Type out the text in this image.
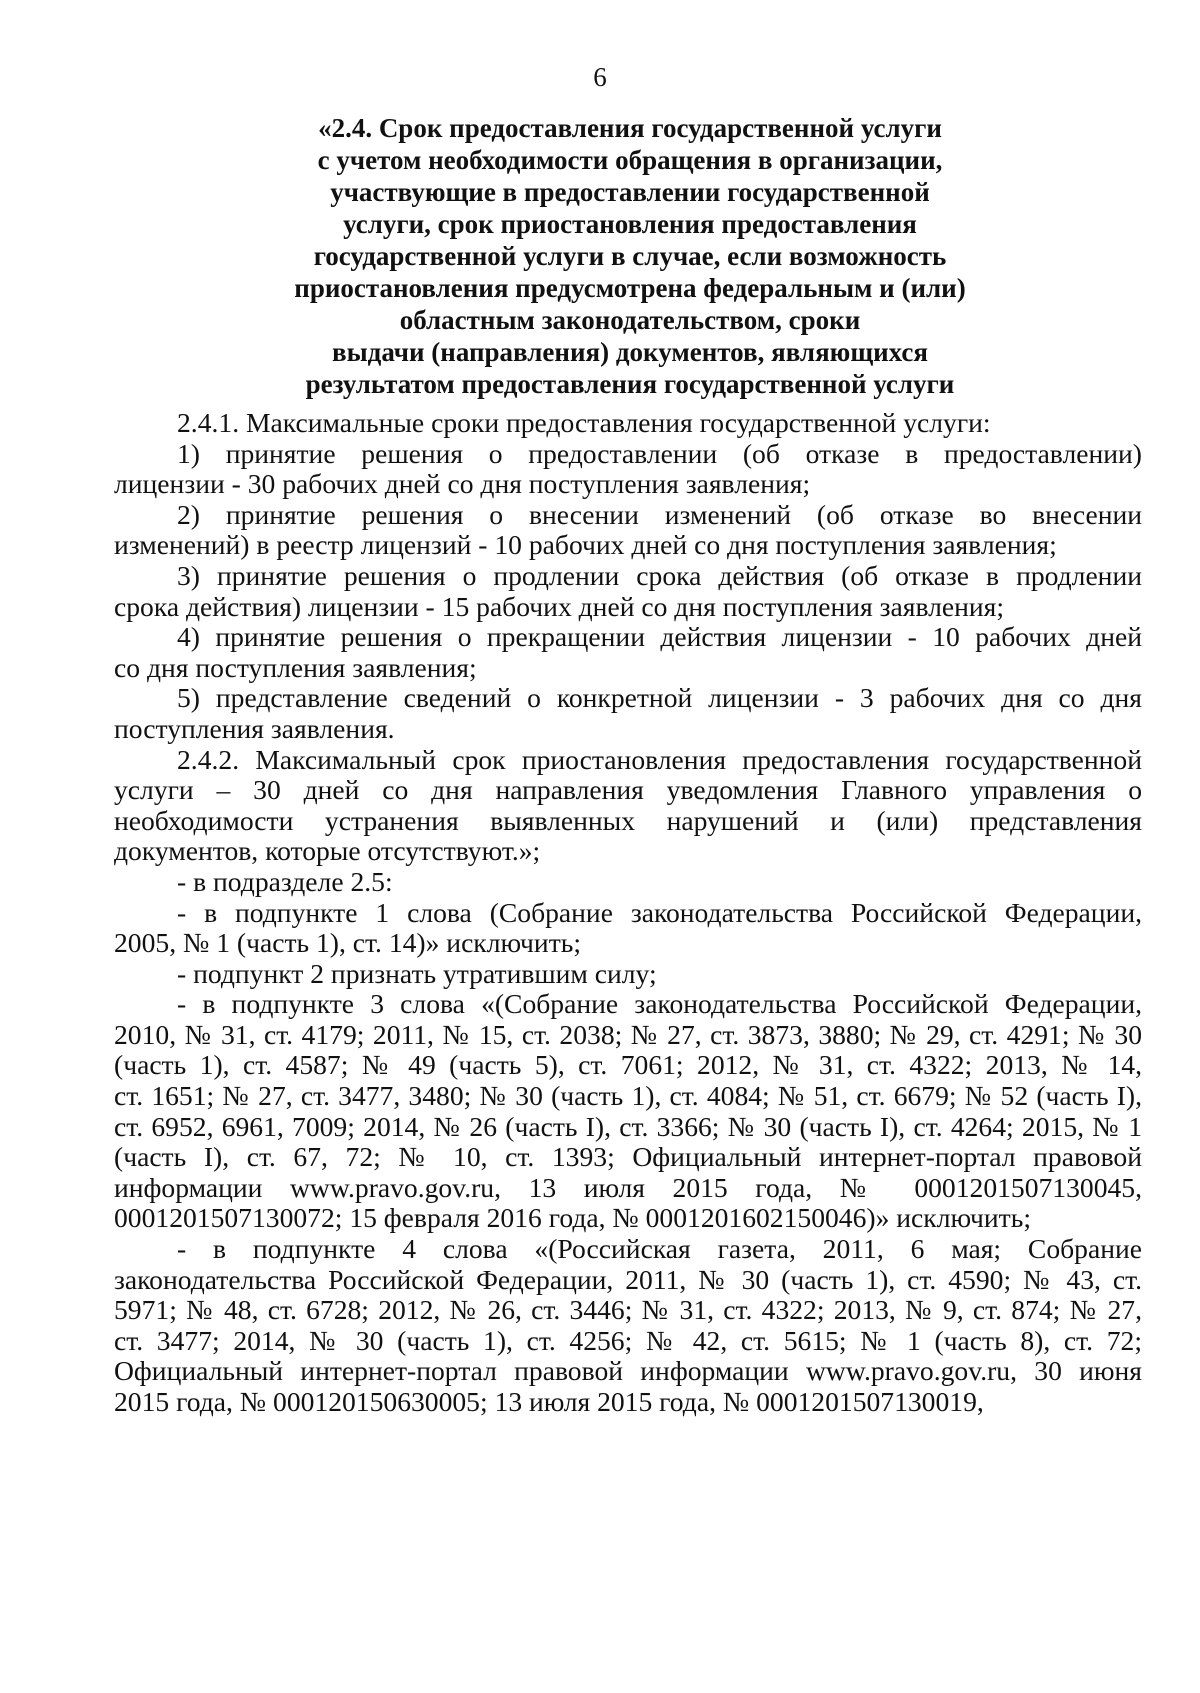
6
«2.4. Срок предоставления государственной услуги
с учетом необходимости обращения в организации,
участвующие в предоставлении государственной
услуги, срок приостановления предоставления
государственной услуги в случае, если возможность
приостановления предусмотрена федеральным и (или)
областным законодательством, сроки
выдачи (направления) документов, являющихся
результатом предоставления государственной услуги
2.4.1. Максимальные сроки предоставления государственной услуги:
1) принятие решения о предоставлении (об отказе в предоставлении)
лицензии - 30 рабочих дней со дня поступления заявления;
2) принятие решения о внесении изменений (об отказе во внесении
изменений) в реестр лицензий - 10 рабочих дней со дня поступления заявления;
3) принятие решения о продлении срока действия (об отказе в продлении
срока действия) лицензии - 15 рабочих дней со дня поступления заявления;
4) принятие решения о прекращении действия лицензии - 10 рабочих дней
со дня поступления заявления;
5) представление сведений о конкретной лицензии - 3 рабочих дня со дня
поступления заявления.
2.4.2. Максимальный срок приостановления предоставления государственной
услуги – 30 дней со дня направления уведомления Главного управления о
необходимости устранения выявленных нарушений и (или) представления
документов, которые отсутствуют.»;
- в подразделе 2.5:
- в подпункте 1 слова (Собрание законодательства Российской Федерации,
2005, № 1 (часть 1), ст. 14)» исключить;
- подпункт 2 признать утратившим силу;
- в подпункте 3 слова «(Собрание законодательства Российской Федерации,
2010, № 31, ст. 4179; 2011, № 15, ст. 2038; № 27, ст. 3873, 3880; № 29, ст. 4291; № 30
(часть 1), ст. 4587; № 49 (часть 5), ст. 7061; 2012, № 31, ст. 4322; 2013, № 14,
ст. 1651; № 27, ст. 3477, 3480; № 30 (часть 1), ст. 4084; № 51, ст. 6679; № 52 (часть I),
ст. 6952, 6961, 7009; 2014, № 26 (часть I), ст. 3366; № 30 (часть I), ст. 4264; 2015, № 1
(часть I), ст. 67, 72; № 10, ст. 1393; Официальный интернет-портал правовой
информации www.pravo.gov.ru, 13 июля 2015 года, № 0001201507130045,
0001201507130072; 15 февраля 2016 года, № 0001201602150046)» исключить;
- в подпункте 4 слова «(Российская газета, 2011, 6 мая; Собрание
законодательства Российской Федерации, 2011, № 30 (часть 1), ст. 4590; № 43, ст.
5971; № 48, ст. 6728; 2012, № 26, ст. 3446; № 31, ст. 4322; 2013, № 9, ст. 874; № 27,
ст. 3477; 2014, № 30 (часть 1), ст. 4256; № 42, ст. 5615; № 1 (часть 8), ст. 72;
Официальный интернет-портал правовой информации www.pravo.gov.ru, 30 июня
2015 года, № 000120150630005; 13 июля 2015 года, № 0001201507130019,
